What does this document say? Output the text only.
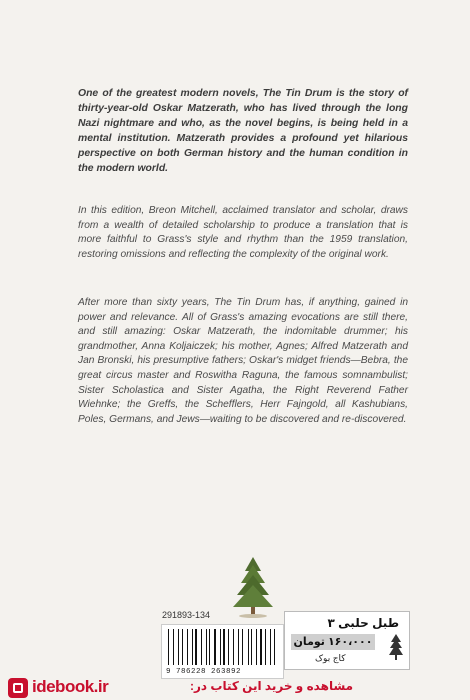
One of the greatest modern novels, The Tin Drum is the story of thirty-year-old Oskar Matzerath, who has lived through the long Nazi nightmare and who, as the novel begins, is being held in a mental institution. Matzerath provides a profound yet hilarious perspective on both German history and the human condition in the modern world.

In this edition, Breon Mitchell, acclaimed translator and scholar, draws from a wealth of detailed scholarship to produce a translation that is more faithful to Grass's style and rhythm than the 1959 translation, restoring omissions and reflecting the complexity of the original work.

After more than sixty years, The Tin Drum has, if anything, gained in power and relevance. All of Grass's amazing evocations are still there, and still amazing: Oskar Matzerath, the indomitable drummer; his grandmother, Anna Koljaiczek; his mother, Agnes; Alfred Matzerath and Jan Bronski, his presumptive fathers; Oskar's midget friends—Bebra, the great circus master and Roswitha Raguna, the famous somnambulist; Sister Scholastica and Sister Agatha, the Right Reverend Father Wiehnke; the Greffs, the Schefflers, Herr Fajngold, all Kashubians, Poles, Germans, and Jews—waiting to be discovered and re-discovered.

291893-134
9 786228 263892
طبل حلبی ۳
۱۶۰،۰۰۰ تومان
کاج بوک
idebook.ir	مشاهده و خرید این کتاب در:
